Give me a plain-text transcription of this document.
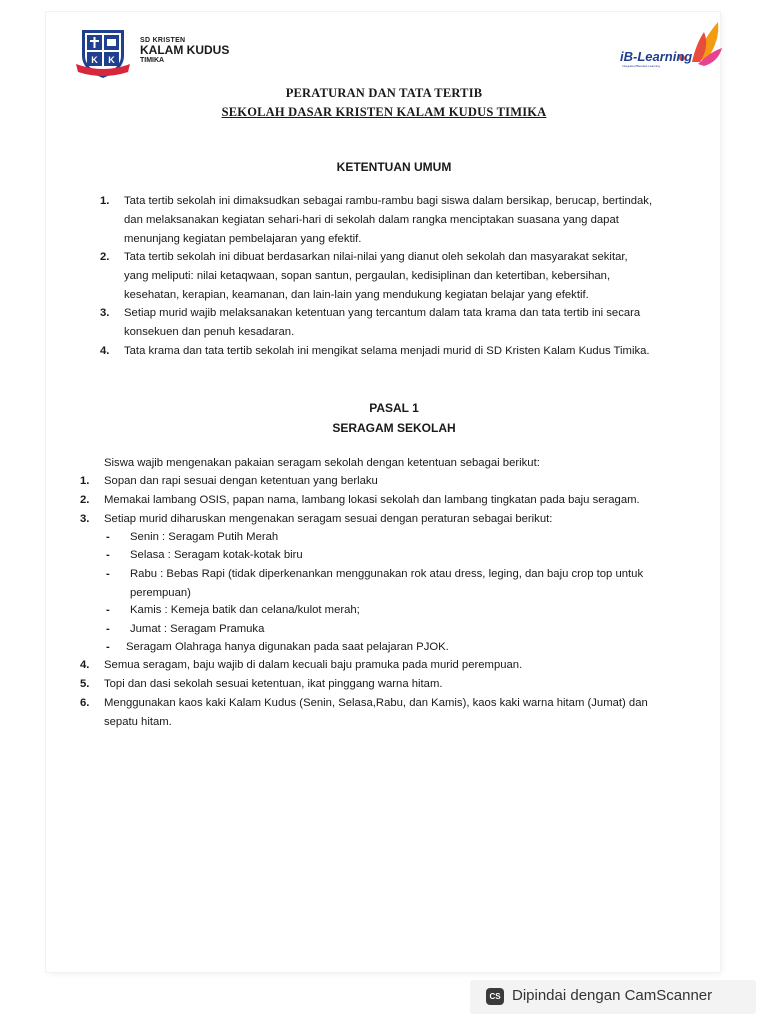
K K
SD KRISTEN
KALAM KUDUS
TIMIKA	iB-Learning
Integrated Blended Learning
PERATURAN DAN TATA TERTIB
SEKOLAH DASAR KRISTEN KALAM KUDUS TIMIKA
KETENTUAN UMUM
1. Tata tertib sekolah ini dimaksudkan sebagai rambu-rambu bagi siswa dalam bersikap, berucap, bertindak,
dan melaksanakan kegiatan sehari-hari di sekolah dalam rangka menciptakan suasana yang dapat
menunjang kegiatan pembelajaran yang efektif.
2. Tata tertib sekolah ini dibuat berdasarkan nilai-nilai yang dianut oleh sekolah dan masyarakat sekitar,
yang meliputi: nilai ketaqwaan, sopan santun, pergaulan, kedisiplinan dan ketertiban, kebersihan,
kesehatan, kerapian, keamanan, dan lain-lain yang mendukung kegiatan belajar yang efektif.
3. Setiap murid wajib melaksanakan ketentuan yang tercantum dalam tata krama dan tata tertib ini secara
konsekuen dan penuh kesadaran.
4. Tata krama dan tata tertib sekolah ini mengikat selama menjadi murid di SD Kristen Kalam Kudus Timika.
PASAL 1
SERAGAM SEKOLAH
Siswa wajib mengenakan pakaian seragam sekolah dengan ketentuan sebagai berikut:
1. Sopan dan rapi sesuai dengan ketentuan yang berlaku
2. Memakai lambang OSIS, papan nama, lambang lokasi sekolah dan lambang tingkatan pada baju seragam.
3. Setiap murid diharuskan mengenakan seragam sesuai dengan peraturan sebagai berikut:
- Senin : Seragam Putih Merah
- Selasa : Seragam kotak-kotak biru
- Rabu : Bebas Rapi (tidak diperkenankan menggunakan rok atau dress, leging, dan baju crop top untuk
perempuan)
- Kamis : Kemeja batik dan celana/kulot merah;
- Jumat : Seragam Pramuka
- Seragam Olahraga hanya digunakan pada saat pelajaran PJOK.
4. Semua seragam, baju wajib di dalam kecuali baju pramuka pada murid perempuan.
5. Topi dan dasi sekolah sesuai ketentuan, ikat pinggang warna hitam.
6. Menggunakan kaos kaki Kalam Kudus (Senin, Selasa,Rabu, dan Kamis), kaos kaki warna hitam (Jumat) dan
sepatu hitam.
CS Dipindai dengan CamScanner
